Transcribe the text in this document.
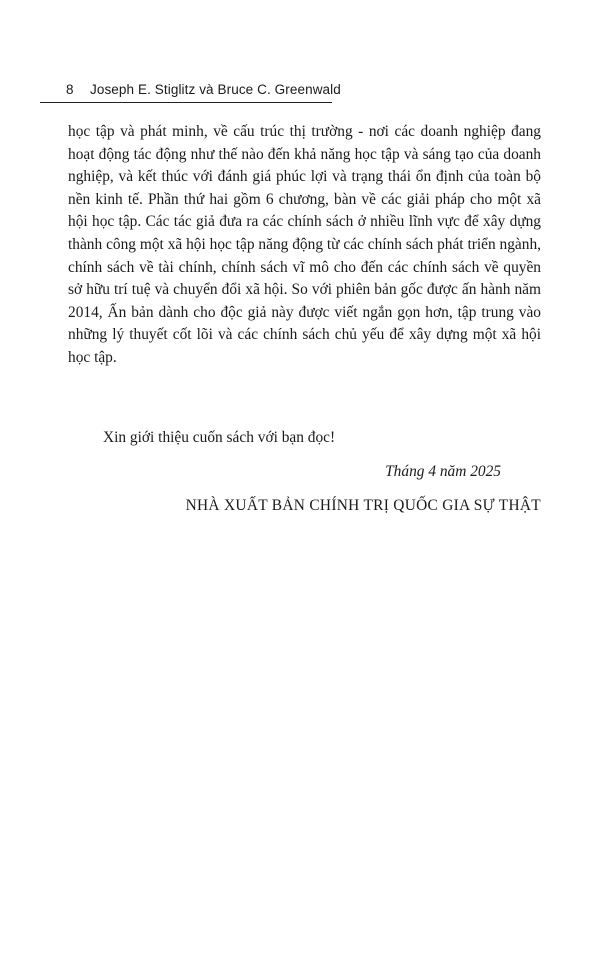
8 Joseph E. Stiglitz và Bruce C. Greenwald

học tập và phát minh, về cấu trúc thị trường - nơi các doanh nghiệp đang hoạt động tác động như thế nào đến khả năng học tập và sáng tạo của doanh nghiệp, và kết thúc với đánh giá phúc lợi và trạng thái ổn định của toàn bộ nền kinh tế. Phần thứ hai gồm 6 chương, bàn về các giải pháp cho một xã hội học tập. Các tác giả đưa ra các chính sách ở nhiều lĩnh vực để xây dựng thành công một xã hội học tập năng động từ các chính sách phát triển ngành, chính sách về tài chính, chính sách vĩ mô cho đến các chính sách về quyền sở hữu trí tuệ và chuyển đổi xã hội. So với phiên bản gốc được ấn hành năm 2014, Ấn bản dành cho độc giả này được viết ngắn gọn hơn, tập trung vào những lý thuyết cốt lõi và các chính sách chủ yếu để xây dựng một xã hội học tập.

Xin giới thiệu cuốn sách với bạn đọc!
Tháng 4 năm 2025
NHÀ XUẤT BẢN CHÍNH TRỊ QUỐC GIA SỰ THẬT
